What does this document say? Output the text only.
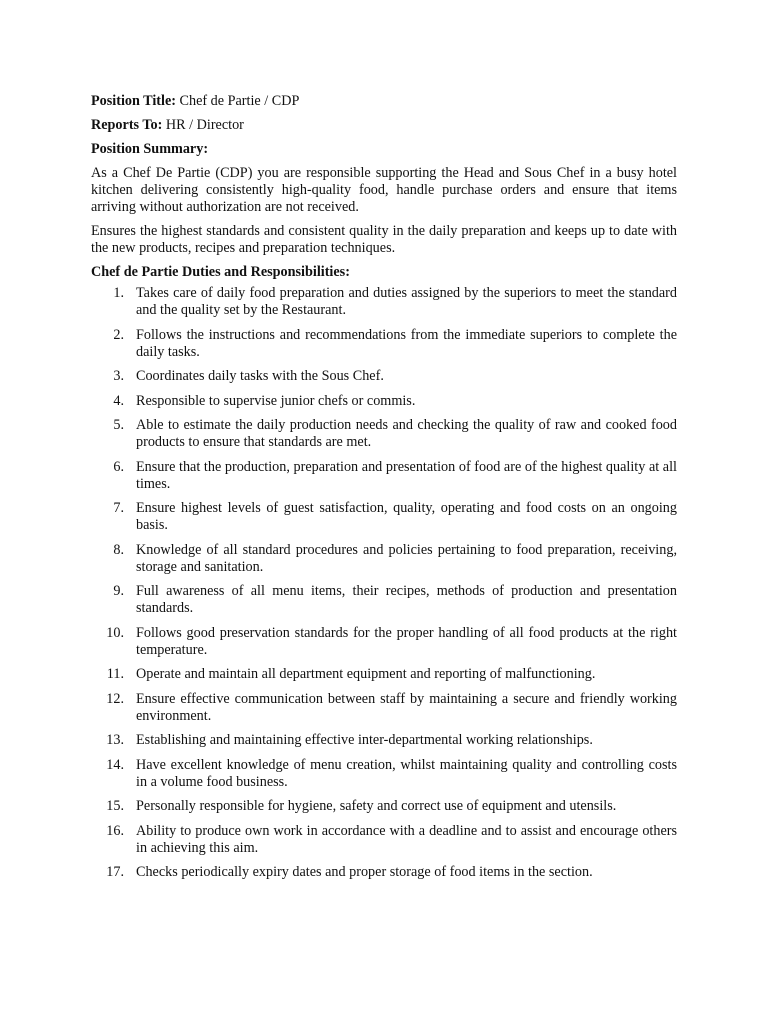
Position Title: Chef de Partie / CDP
Reports To: HR / Director
Position Summary:

As a Chef De Partie (CDP) you are responsible supporting the Head and Sous Chef in a busy hotel kitchen delivering consistently high-quality food, handle purchase orders and ensure that items arriving without authorization are not received.

Ensures the highest standards and consistent quality in the daily preparation and keeps up to date with the new products, recipes and preparation techniques.

Chef de Partie Duties and Responsibilities:
1. Takes care of daily food preparation and duties assigned by the superiors to meet the standard and the quality set by the Restaurant.
2. Follows the instructions and recommendations from the immediate superiors to complete the daily tasks.
3. Coordinates daily tasks with the Sous Chef.
4. Responsible to supervise junior chefs or commis.
5. Able to estimate the daily production needs and checking the quality of raw and cooked food products to ensure that standards are met.
6. Ensure that the production, preparation and presentation of food are of the highest quality at all times.
7. Ensure highest levels of guest satisfaction, quality, operating and food costs on an ongoing basis.
8. Knowledge of all standard procedures and policies pertaining to food preparation, receiving, storage and sanitation.
9. Full awareness of all menu items, their recipes, methods of production and presentation standards.
10. Follows good preservation standards for the proper handling of all food products at the right temperature.
11. Operate and maintain all department equipment and reporting of malfunctioning.
12. Ensure effective communication between staff by maintaining a secure and friendly working environment.
13. Establishing and maintaining effective inter-departmental working relationships.
14. Have excellent knowledge of menu creation, whilst maintaining quality and controlling costs in a volume food business.
15. Personally responsible for hygiene, safety and correct use of equipment and utensils.
16. Ability to produce own work in accordance with a deadline and to assist and encourage others in achieving this aim.
17. Checks periodically expiry dates and proper storage of food items in the section.
